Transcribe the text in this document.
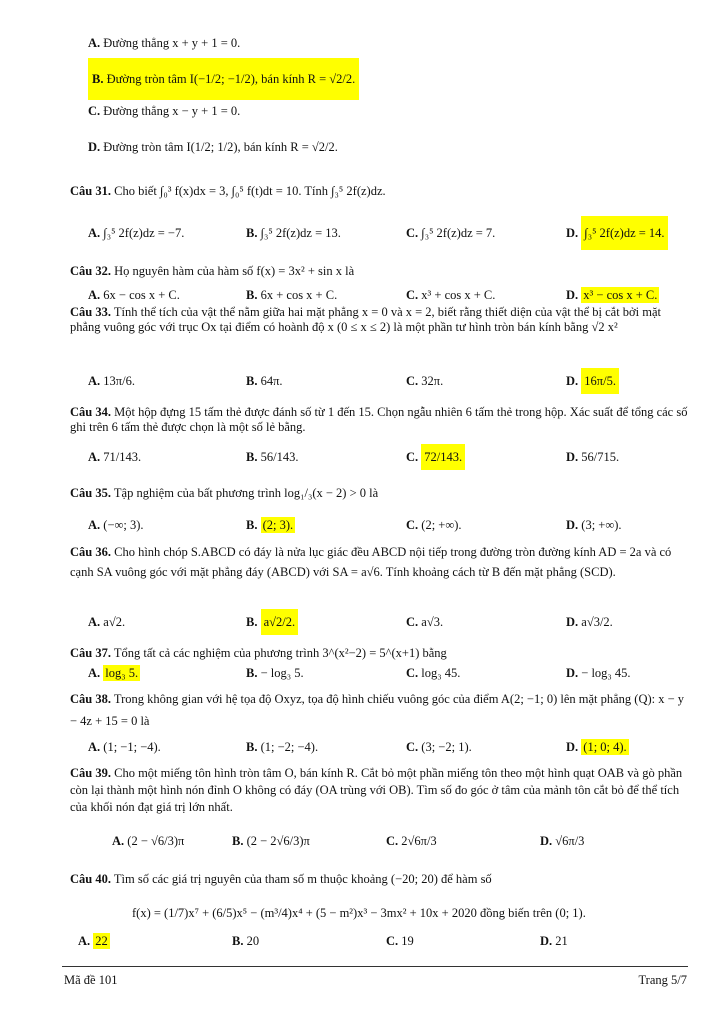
A. Đường thẳng x + y + 1 = 0.
B. Đường tròn tâm I(−1/2; −1/2), bán kính R = √2/2.
C. Đường thẳng x − y + 1 = 0.
D. Đường tròn tâm I(1/2; 1/2), bán kính R = √2/2.
Câu 31. Cho biết ∫₀³ f(x)dx = 3, ∫₀⁵ f(t)dt = 10. Tính ∫₃⁵ 2f(z)dz.
A. ∫₃⁵ 2f(z)dz = −7.	B. ∫₃⁵ 2f(z)dz = 13.	C. ∫₃⁵ 2f(z)dz = 7.	D. ∫₃⁵ 2f(z)dz = 14.
Câu 32. Họ nguyên hàm của hàm số f(x) = 3x² + sin x là
A. 6x − cos x + C.	B. 6x + cos x + C.	C. x³ + cos x + C.	D. x³ − cos x + C.
Câu 33. Tính thể tích của vật thể nằm giữa hai mặt phẳng x = 0 và x = 2, biết rằng thiết diện của vật thể bị cắt bởi mặt phẳng vuông góc với trục Ox tại điểm có hoành độ x (0 ≤ x ≤ 2) là một phần tư hình tròn bán kính bằng √2 x²
A. 13π/6.	B. 64π.	C. 32π.	D. 16π/5.
Câu 34. Một hộp đựng 15 tấm thẻ được đánh số từ 1 đến 15. Chọn ngẫu nhiên 6 tấm thẻ trong hộp. Xác suất để tổng các số ghi trên 6 tấm thẻ được chọn là một số lẻ bằng.
A. 71/143.	B. 56/143.	C. 72/143.	D. 56/715.
Câu 35. Tập nghiệm của bất phương trình log₁/₃(x − 2) > 0 là
A. (−∞; 3).	B. (2; 3).	C. (2; +∞).	D. (3; +∞).
Câu 36. Cho hình chóp S.ABCD có đáy là nửa lục giác đều ABCD nội tiếp trong đường tròn đường kính AD = 2a và có cạnh SA vuông góc với mặt phẳng đáy (ABCD) với SA = a√6. Tính khoảng cách từ B đến mặt phẳng (SCD).
A. a√2.	B. a√2/2.	C. a√3.	D. a√3/2.
Câu 37. Tổng tất cả các nghiệm của phương trình 3^(x²−2) = 5^(x+1) bằng
A. log₃ 5.	B. − log₃ 5.	C. log₃ 45.	D. − log₃ 45.
Câu 38. Trong không gian với hệ tọa độ Oxyz, tọa độ hình chiếu vuông góc của điểm A(2; −1; 0) lên mặt phẳng (Q): x − y − 4z + 15 = 0 là
A. (1; −1; −4).	B. (1; −2; −4).	C. (3; −2; 1).	D. (1; 0; 4).
Câu 39. Cho một miếng tôn hình tròn tâm O, bán kính R. Cắt bỏ một phần miếng tôn theo một hình quạt OAB và gò phần còn lại thành một hình nón đỉnh O không có đáy (OA trùng với OB). Tìm số đo góc ở tâm của mảnh tôn cắt bỏ để thể tích của khối nón đạt giá trị lớn nhất.
A. (2 − √6/3)π	B. (2 − 2√6/3)π	C. 2√6π/3	D. √6π/3
Câu 40. Tìm số các giá trị nguyên của tham số m thuộc khoảng (−20; 20) để hàm số
f(x) = (1/7)x⁷ + (6/5)x⁵ − (m³/4)x⁴ + (5 − m²)x³ − 3mx² + 10x + 2020 đồng biến trên (0; 1).
A. 22	B. 20	C. 19	D. 21
Mã đề 101	Trang 5/7
